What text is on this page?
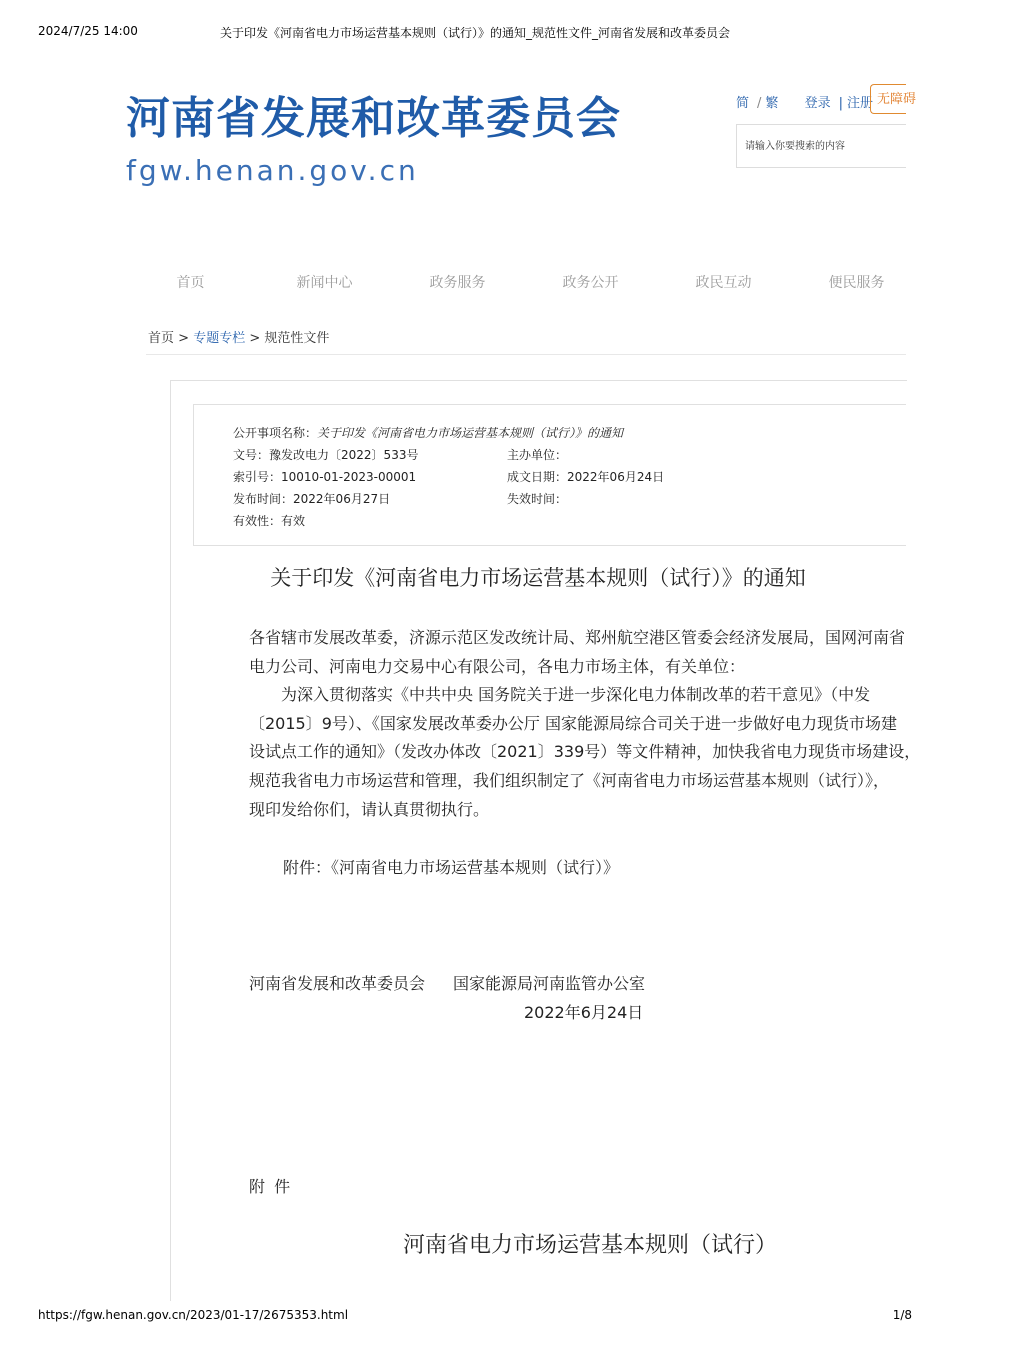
2024/7/25 14:00	关于印发《河南省电力市场运营基本规则（试行）》的通知_规范性文件_河南省发展和改革委员会
河南省发展和改革委员会
fgw.henan.gov.cn
简 / 繁 登录 | 注册 无障碍
请输入你要搜索的内容
首页	新闻中心	政务服务	政务公开	政民互动	便民服务
首页 > 专题专栏 > 规范性文件
公开事项名称：关于印发《河南省电力市场运营基本规则（试行）》的通知
文号：豫发改电力〔2022〕533号	主办单位：
索引号：10010-01-2023-00001	成文日期：2022年06月24日
发布时间：2022年06月27日	失效时间：
有效性：有效
关于印发《河南省电力市场运营基本规则（试行）》的通知
各省辖市发展改革委，济源示范区发改统计局、郑州航空港区管委会经济发展局，国网河南省
电力公司、河南电力交易中心有限公司，各电力市场主体，有关单位：
为深入贯彻落实《中共中央 国务院关于进一步深化电力体制改革的若干意见》（中发
〔2015〕9号）、《国家发展改革委办公厅 国家能源局综合司关于进一步做好电力现货市场建
设试点工作的通知》（发改办体改〔2021〕339号）等文件精神，加快我省电力现货市场建设，
规范我省电力市场运营和管理，我们组织制定了《河南省电力市场运营基本规则（试行）》，
现印发给你们，请认真贯彻执行。
附件：《河南省电力市场运营基本规则（试行）》
河南省发展和改革委员会 国家能源局河南监管办公室
2022年6月24日
附 件
河南省电力市场运营基本规则（试行）
https://fgw.henan.gov.cn/2023/01-17/2675353.html	1/8
